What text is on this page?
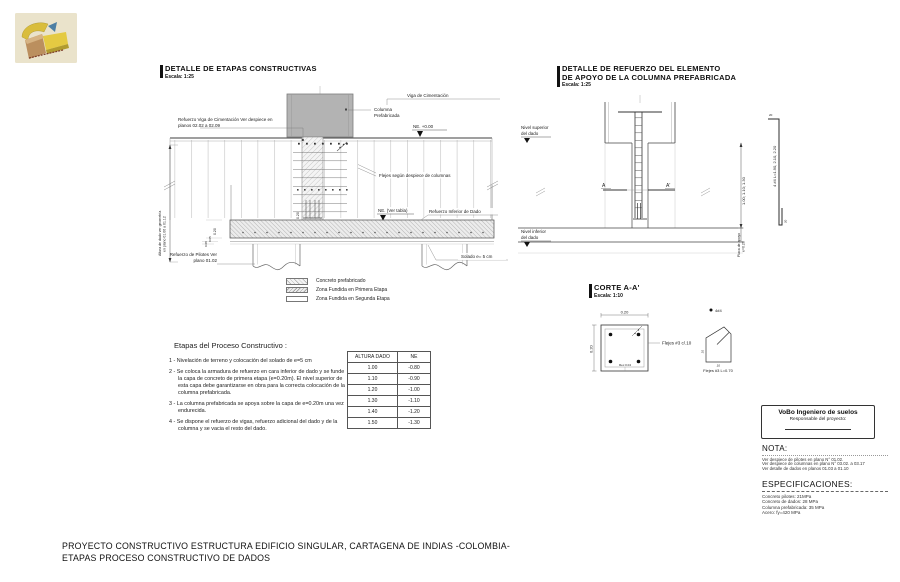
DETALLE DE ETAPAS CONSTRUCTIVAS
Escala: 1:25
Viga de Cimentación
Columna
Prefabricada
Refuerzo Viga de Cimentación Ver despiece en
planos 02.02 a 02.09	NE. +0.00
Flejes según despiece de columnas
NE. (Ver tabla)	Refuerzo Inferior de Dado
Refuerzo de Pilotes Ver
plano 01.02
Solado e= 5 cm
Altura de dado ver geometría en plano 01.06 a 01.12
0.20
0.20
0.05
0.08
Concreto prefabricado
Zona Fundida en Primera Etapa
Zona Fundida en Segunda Etapa
Etapas del Proceso Constructivo :
1 - Nivelación de terreno y colocación del solado de e=5 cm
2 - Se coloca la armadura de refuerzo en cara inferior de dado y se funde la capa de concreto de primera etapa (e=0.20m). El nivel superior de esta capa debe garantizarse en obra para la correcta colocación de la columna prefabricada.
3 - La columna prefabricada se apoya sobre la capa de e=0.20m una vez endurecida.
4 - Se dispone el refuerzo de vigas, refuerzo adicional del dado y de la columna y se vacia el resto del dado.
ALTURA DADO	NE
1.00	-0.80
1.10	-0.90
1.20	-1.00
1.30	-1.10
1.40	-1.20
1.50	-1.30
DETALLE DE REFUERZO DEL ELEMENTO
DE APOYO DE LA COLUMNA PREFABRICADA
Escala: 1:25
Nivel superior
del dado
Nivel inferior
del dado
A	A'	1.00; 1.10; 1.30
Placa de apoyo e=0.20
20
20
4 #4 L=1.90, 2.10, 2.20
CORTE A-A'
Escala: 1:10
0.20
0.20
Rec 0.04
Flejes #3 c/.10
4#4
.10
.10
Flejes #3 L=0.70
VoBo Ingeniero de suelos
Responsable del proyecto:
NOTA:
Ver despiece de pilotes en plano N° 01.02.
Ver despiece de columnas en plano N° 03.02. a 03.17
Ver detalle de dados en planos 01.03 a 01.10
ESPECIFICACIONES:
Concreto pilotes: 21MPa
Concreto de dados: 28 MPa
Columna prefabricada: 35 MPa
Acero: fy=420 MPa
PROYECTO CONSTRUCTIVO ESTRUCTURA EDIFICIO SINGULAR, CARTAGENA DE INDIAS -COLOMBIA-
ETAPAS PROCESO CONSTRUCTIVO DE DADOS
